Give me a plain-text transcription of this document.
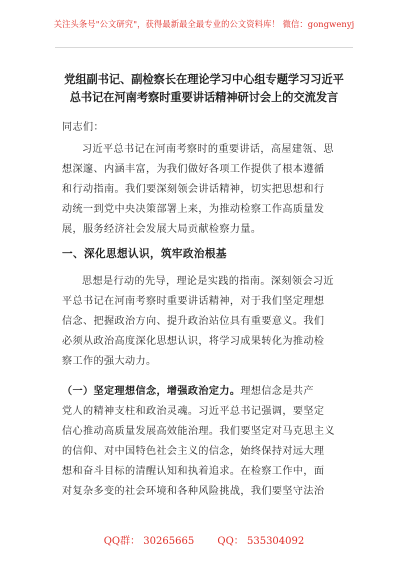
关注头条号"公文研究"，获得最新最全最专业的公文资料库！ 微信：gongwenyj
党组副书记、副检察长在理论学习中心组专题学习习近平
总书记在河南考察时重要讲话精神研讨会上的交流发言
同志们：
习近平总书记在河南考察时的重要讲话，高屋建瓴、思
想深邃、内涵丰富，为我们做好各项工作提供了根本遵循
和行动指南。我们要深刻领会讲话精神，切实把思想和行
动统一到党中央决策部署上来，为推动检察工作高质量发
展，服务经济社会发展大局贡献检察力量。
一、深化思想认识，筑牢政治根基
思想是行动的先导，理论是实践的指南。深刻领会习近
平总书记在河南考察时重要讲话精神，对于我们坚定理想
信念、把握政治方向、提升政治站位具有重要意义。我们
必须从政治高度深化思想认识，将学习成果转化为推动检
察工作的强大动力。
（一）坚定理想信念，增强政治定力。理想信念是共产
党人的精神支柱和政治灵魂。习近平总书记强调，要坚定
信心推动高质量发展高效能治理。我们要坚定对马克思主义
的信仰、对中国特色社会主义的信念，始终保持对远大理
想和奋斗目标的清醒认知和执着追求。在检察工作中，面
对复杂多变的社会环境和各种风险挑战，我们要坚守法治
QQ群： 30265665 QQ： 535304092
